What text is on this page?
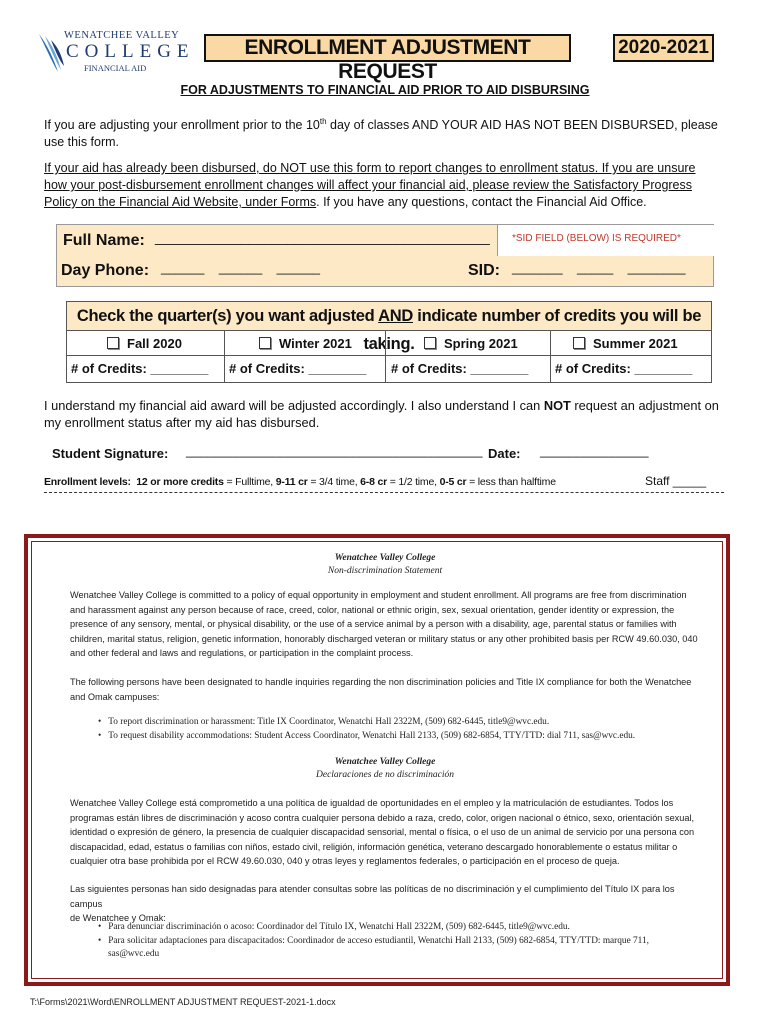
WENATCHEE VALLEY
COLLEGE
FINANCIAL AID
ENROLLMENT ADJUSTMENT REQUEST
2020-2021
FOR ADJUSTMENTS TO FINANCIAL AID PRIOR TO AID DISBURSING
If you are adjusting your enrollment prior to the 10th day of classes AND YOUR AID HAS NOT BEEN DISBURSED, please
use this form.
If your aid has already been disbursed, do NOT use this form to report changes to enrollment status. If you are unsure
how your post-disbursement enrollment changes will affect your financial aid, please review the Satisfactory Progress
Policy on the Financial Aid Website, under Forms. If you have any questions, contact the Financial Aid Office.
Full Name: ___________________________________________ *SID FIELD (BELOW) IS REQUIRED*
Day Phone: ______    ______    ______	SID: _______    _____    ________
Check the quarter(s) you want adjusted AND indicate number of credits you will be taking.
Fall 2020	Winter 2021	Spring 2021	Summer 2021
# of Credits: ________ # of Credits: ________ # of Credits: ________ # of Credits: ________
I understand my financial aid award will be adjusted accordingly. I also understand I can NOT request an adjustment on
my enrollment status after my aid has disbursed.
Student Signature: _________________________________________ Date: _______________
Enrollment levels: 12 or more credits = Fulltime, 9-11 cr = 3/4 time, 6-8 cr = 1/2 time, 0-5 cr = less than halftime	Staff _____
Wenatchee Valley College
Non-discrimination Statement
Wenatchee Valley College is committed to a policy of equal opportunity in employment and student enrollment. All programs are free from discrimination
and harassment against any person because of race, creed, color, national or ethnic origin, sex, sexual orientation, gender identity or expression, the
presence of any sensory, mental, or physical disability, or the use of a service animal by a person with a disability, age, parental status or families with
children, marital status, religion, genetic information, honorably discharged veteran or military status or any other prohibited basis per RCW 49.60.030, 040
and other federal and laws and regulations, or participation in the complaint process.
The following persons have been designated to handle inquiries regarding the non discrimination policies and Title IX compliance for both the Wenatchee
and Omak campuses:
•   To report discrimination or harassment: Title IX Coordinator, Wenatchi Hall 2322M, (509) 682-6445, title9@wvc.edu.
•   To request disability accommodations: Student Access Coordinator, Wenatchi Hall 2133, (509) 682-6854, TTY/TTD: dial 711, sas@wvc.edu.
Wenatchee Valley College
Declaraciones de no discriminación
Wenatchee Valley College está comprometido a una política de igualdad de oportunidades en el empleo y la matriculación de estudiantes. Todos los
programas están libres de discriminación y acoso contra cualquier persona debido a raza, credo, color, origen nacional o étnico, sexo, orientación sexual,
identidad o expresión de género, la presencia de cualquier discapacidad sensorial, mental o física, o el uso de un animal de servicio por una persona con
discapacidad, edad, estatus o familias con niños, estado civil, religión, información genética, veterano descargado honorablemente o estatus militar o
cualquier otra base prohibida por el RCW 49.60.030, 040 y otras leyes y reglamentos federales, o participación en el proceso de queja.
Las siguientes personas han sido designadas para atender consultas sobre las políticas de no discriminación y el cumplimiento del Título IX para los campus
de Wenatchee y Omak:
•   Para denunciar discriminación o acoso: Coordinador del Título IX, Wenatchi Hall 2322M, (509) 682-6445, title9@wvc.edu.
•   Para solicitar adaptaciones para discapacitados: Coordinador de acceso estudiantil, Wenatchi Hall 2133, (509) 682-6854, TTY/TTD: marque 711,
sas@wvc.edu
T:\Forms\2021\Word\ENROLLMENT ADJUSTMENT REQUEST-2021-1.docx
